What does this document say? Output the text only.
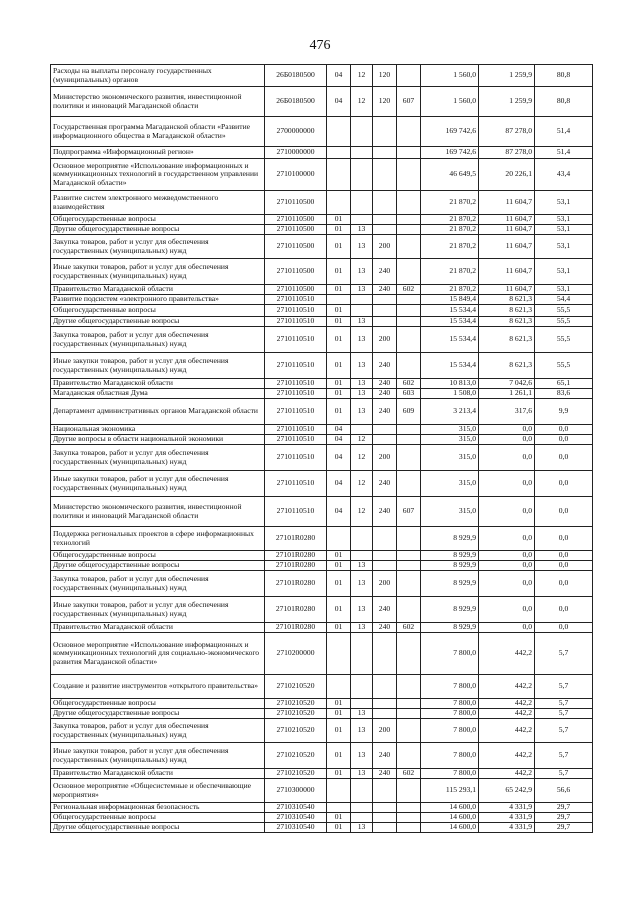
476
Расходы на выплаты персоналу государственных (муниципальных) органов	26Б0180500	04	12	120		1 560,0	1 259,9	80,8
Министерство экономического развития, инвестиционной политики и инноваций Магаданской области	26Б0180500	04	12	120	607	1 560,0	1 259,9	80,8
Государственная программа Магаданской области «Развитие информационного общества в Магаданской области»	2700000000					169 742,6	87 278,0	51,4
Подпрограмма «Информационный регион»	2710000000					169 742,6	87 278,0	51,4
Основное мероприятие «Использование информационных и коммуникационных технологий в государственном управлении Магаданской области»	2710100000					46 649,5	20 226,1	43,4
Развитие систем электронного межведомственного взаимодействия	2710110500					21 870,2	11 604,7	53,1
Общегосударственные вопросы	2710110500	01				21 870,2	11 604,7	53,1
Другие общегосударственные вопросы	2710110500	01	13			21 870,2	11 604,7	53,1
Закупка товаров, работ и услуг для обеспечения государственных (муниципальных) нужд	2710110500	01	13	200		21 870,2	11 604,7	53,1
Иные закупки товаров, работ и услуг для обеспечения государственных (муниципальных) нужд	2710110500	01	13	240		21 870,2	11 604,7	53,1
Правительство Магаданской области	2710110500	01	13	240	602	21 870,2	11 604,7	53,1
Развитие подсистем «электронного правительства»	2710110510					15 849,4	8 621,3	54,4
Общегосударственные вопросы	2710110510	01				15 534,4	8 621,3	55,5
Другие общегосударственные вопросы	2710110510	01	13			15 534,4	8 621,3	55,5
Закупка товаров, работ и услуг для обеспечения государственных (муниципальных) нужд	2710110510	01	13	200		15 534,4	8 621,3	55,5
Иные закупки товаров, работ и услуг для обеспечения государственных (муниципальных) нужд	2710110510	01	13	240		15 534,4	8 621,3	55,5
Правительство Магаданской области	2710110510	01	13	240	602	10 813,0	7 042,6	65,1
Магаданская областная Дума	2710110510	01	13	240	603	1 508,0	1 261,1	83,6
Департамент административных органов Магаданской области	2710110510	01	13	240	609	3 213,4	317,6	9,9
Национальная экономика	2710110510	04				315,0	0,0	0,0
Другие вопросы в области национальной экономики	2710110510	04	12			315,0	0,0	0,0
Закупка товаров, работ и услуг для обеспечения государственных (муниципальных) нужд	2710110510	04	12	200		315,0	0,0	0,0
Иные закупки товаров, работ и услуг для обеспечения государственных (муниципальных) нужд	2710110510	04	12	240		315,0	0,0	0,0
Министерство экономического развития, инвестиционной политики и инноваций Магаданской области	2710110510	04	12	240	607	315,0	0,0	0,0
Поддержка региональных проектов в сфере информационных технологий	27101R0280					8 929,9	0,0	0,0
Общегосударственные вопросы	27101R0280	01				8 929,9	0,0	0,0
Другие общегосударственные вопросы	27101R0280	01	13			8 929,9	0,0	0,0
Закупка товаров, работ и услуг для обеспечения государственных (муниципальных) нужд	27101R0280	01	13	200		8 929,9	0,0	0,0
Иные закупки товаров, работ и услуг для обеспечения государственных (муниципальных) нужд	27101R0280	01	13	240		8 929,9	0,0	0,0
Правительство Магаданской области	27101R0280	01	13	240	602	8 929,9	0,0	0,0
Основное мероприятие «Использование информационных и коммуникационных технологий для социально-экономического развития Магаданской области»	2710200000					7 800,0	442,2	5,7
Создание и развитие инструментов «открытого правительства»	2710210520					7 800,0	442,2	5,7
Общегосударственные вопросы	2710210520	01				7 800,0	442,2	5,7
Другие общегосударственные вопросы	2710210520	01	13			7 800,0	442,2	5,7
Закупка товаров, работ и услуг для обеспечения государственных (муниципальных) нужд	2710210520	01	13	200		7 800,0	442,2	5,7
Иные закупки товаров, работ и услуг для обеспечения государственных (муниципальных) нужд	2710210520	01	13	240		7 800,0	442,2	5,7
Правительство Магаданской области	2710210520	01	13	240	602	7 800,0	442,2	5,7
Основное мероприятие «Общесистемные и обеспечивающие мероприятия»	2710300000					115 293,1	65 242,9	56,6
Региональная информационная безопасность	2710310540					14 600,0	4 331,9	29,7
Общегосударственные вопросы	2710310540	01				14 600,0	4 331,9	29,7
Другие общегосударственные вопросы	2710310540	01	13			14 600,0	4 331,9	29,7
